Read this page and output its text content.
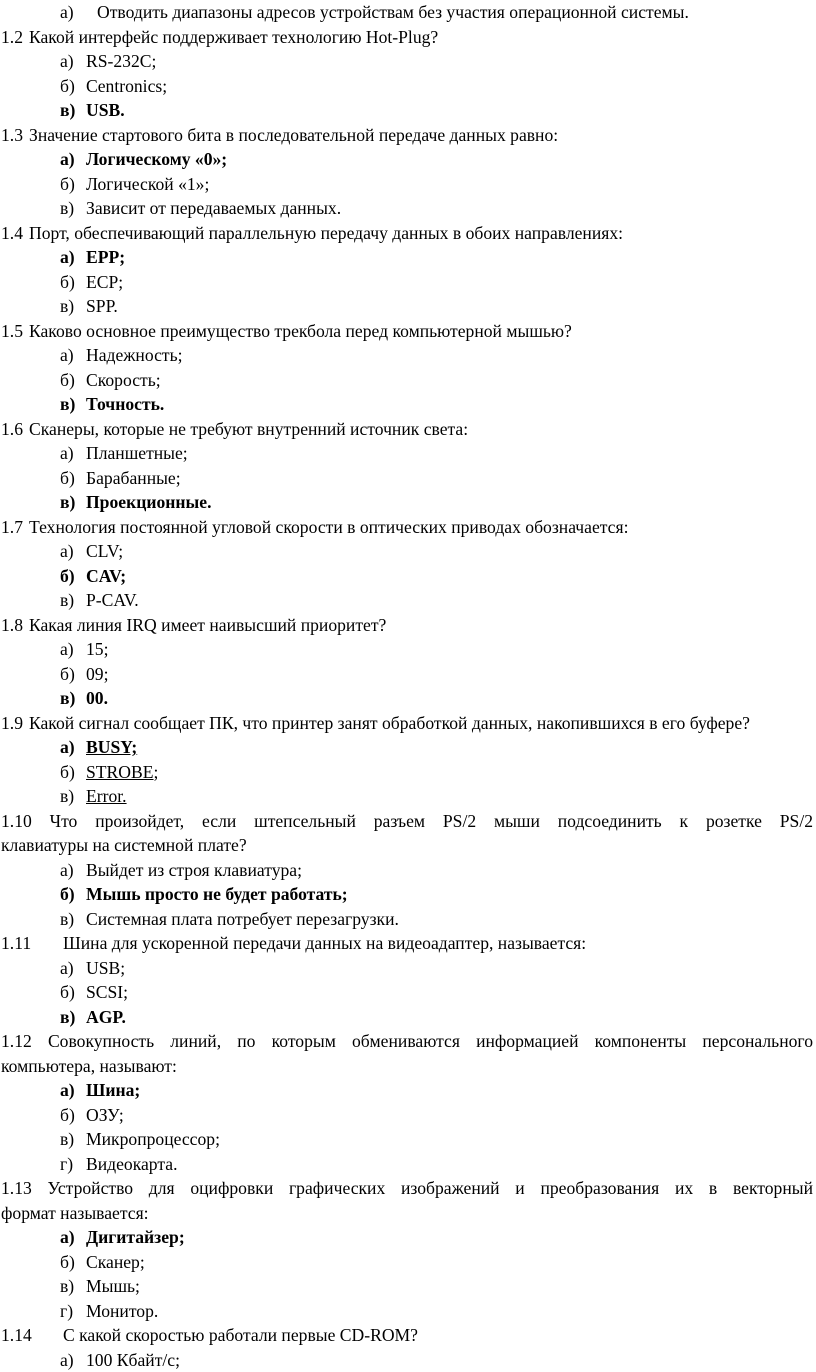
а) Отводить диапазоны адресов устройствам без участия операционной системы.
1.2 Какой интерфейс поддерживает технологию Hot-Plug?
а) RS-232C;
б) Centronics;
в) USB.
1.3 Значение стартового бита в последовательной передаче данных равно:
а) Логическому «0»;
б) Логической «1»;
в) Зависит от передаваемых данных.
1.4 Порт, обеспечивающий параллельную передачу данных в обоих направлениях:
а) EPP;
б) ECP;
в) SPP.
1.5 Каково основное преимущество трекбола перед компьютерной мышью?
а) Надежность;
б) Скорость;
в) Точность.
1.6 Сканеры, которые не требуют внутренний источник света:
а) Планшетные;
б) Барабанные;
в) Проекционные.
1.7 Технология постоянной угловой скорости в оптических приводах обозначается:
а) CLV;
б) CAV;
в) P-CAV.
1.8 Какая линия IRQ имеет наивысший приоритет?
а) 15;
б) 09;
в) 00.
1.9 Какой сигнал сообщает ПК, что принтер занят обработкой данных, накопившихся в его буфере?
а) BUSY;
б) STROBE;
в) Error.
1.10 Что произойдет, если штепсельный разъем PS/2 мыши подсоединить к розетке PS/2
клавиатуры на системной плате?
а) Выйдет из строя клавиатура;
б) Мышь просто не будет работать;
в) Системная плата потребует перезагрузки.
1.11 Шина для ускоренной передачи данных на видеоадаптер, называется:
а) USB;
б) SCSI;
в) AGP.
1.12 Совокупность линий, по которым обмениваются информацией компоненты персонального
компьютера, называют:
а) Шина;
б) ОЗУ;
в) Микропроцессор;
г) Видеокарта.
1.13 Устройство для оцифровки графических изображений и преобразования их в векторный
формат называется:
а) Дигитайзер;
б) Сканер;
в) Мышь;
г) Монитор.
1.14 С какой скоростью работали первые CD-ROM?
а) 100 Кбайт/с;
